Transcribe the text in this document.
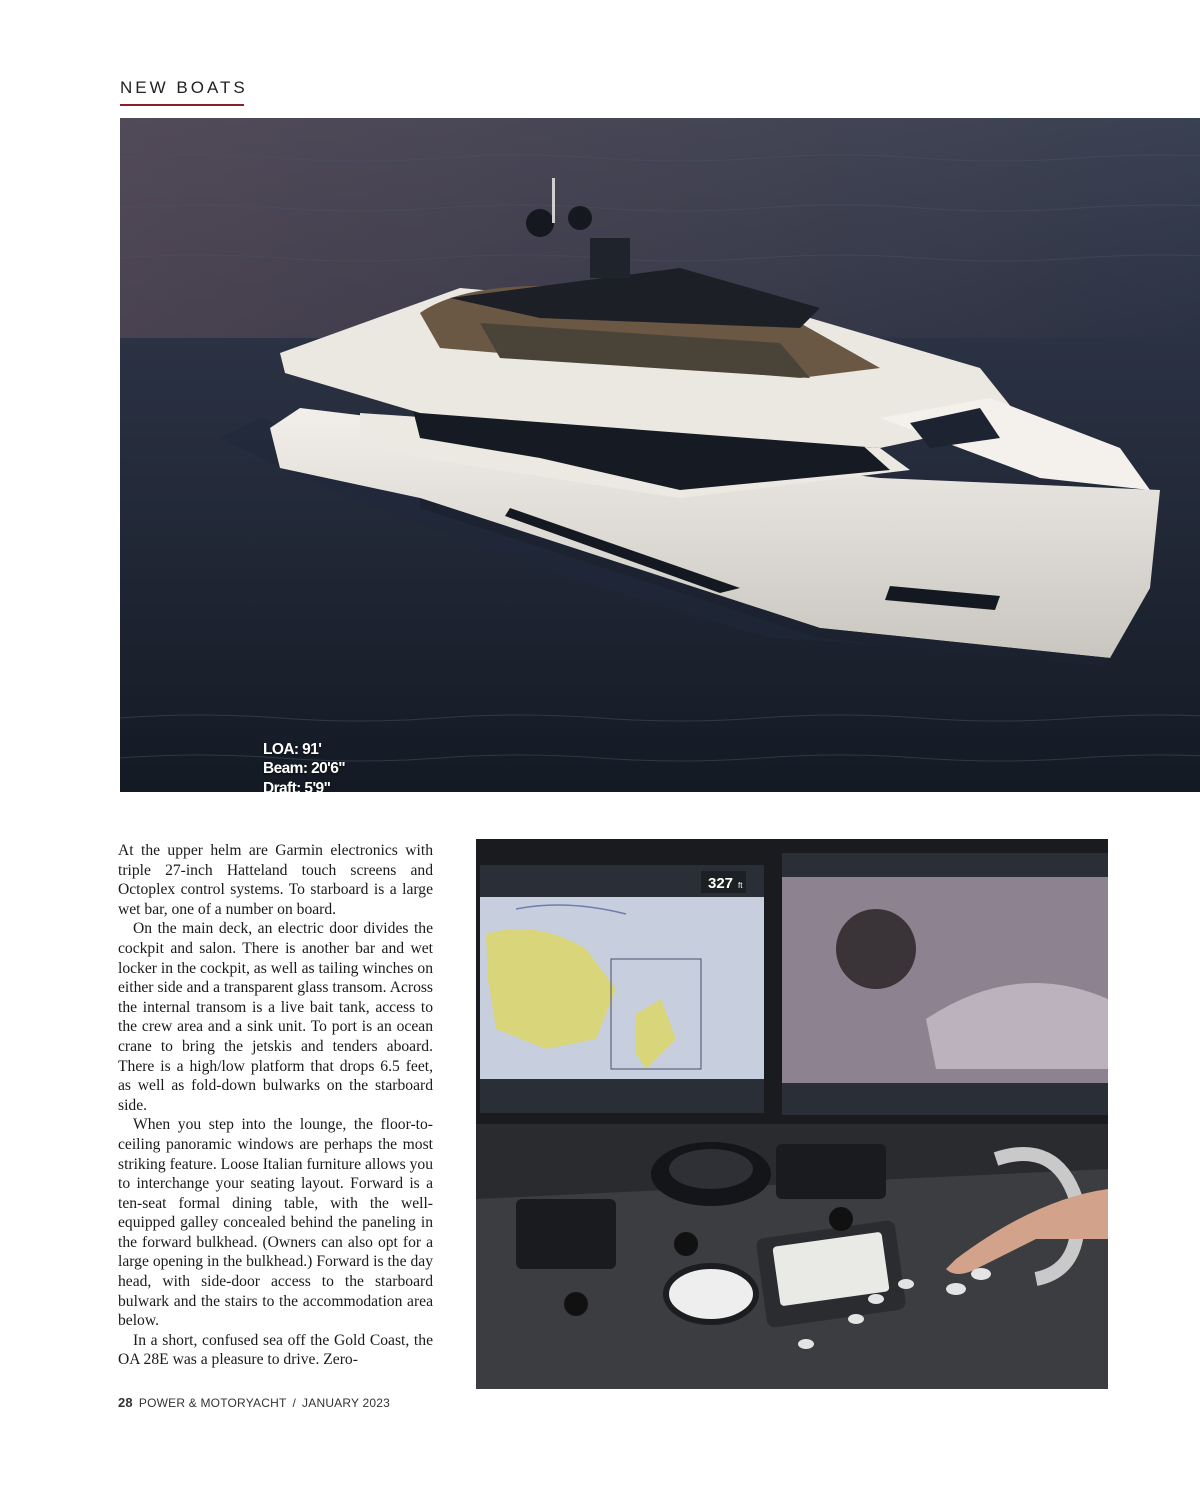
NEW BOATS
LOA: 91'
Beam: 20'6"
Draft: 5'9"

At the upper helm are Garmin electronics with triple 27-inch Hatteland touch screens and Octoplex control systems. To starboard is a large wet bar, one of a number on board.

On the main deck, an electric door divides the cockpit and salon. There is another bar and wet locker in the cockpit, as well as tailing winches on either side and a transparent glass transom. Across the internal transom is a live bait tank, access to the crew area and a sink unit. To port is an ocean crane to bring the jetskis and tenders aboard. There is a high/low platform that drops 6.5 feet, as well as fold-down bulwarks on the starboard side.

When you step into the lounge, the floor-to-ceiling panoramic windows are perhaps the most striking feature. Loose Italian furniture allows you to interchange your seating layout. Forward is a ten-seat formal dining table, with the well-equipped galley concealed behind the paneling in the forward bulkhead. (Owners can also opt for a large opening in the bulkhead.) Forward is the day head, with side-door access to the starboard bulwark and the stairs to the accommodation area below.

In a short, confused sea off the Gold Coast, the OA 28E was a pleasure to drive. Zero-

327 ft
28 POWER & MOTORYACHT / JANUARY 2023
